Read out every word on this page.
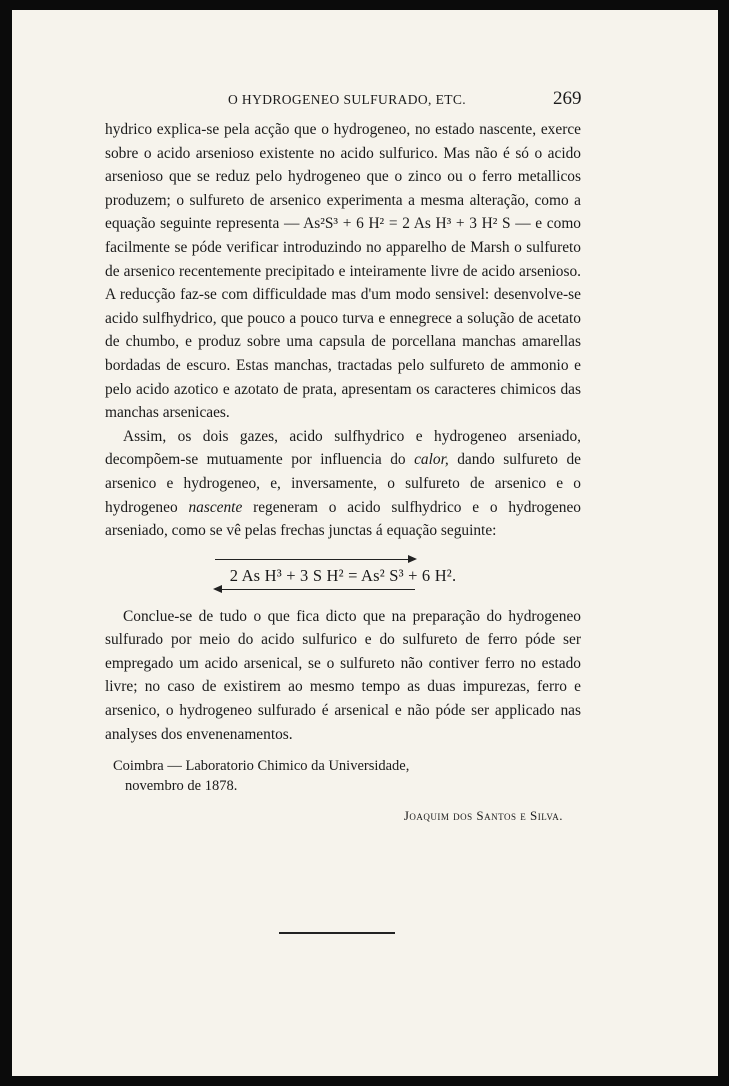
O HYDROGENEO SULFURADO, ETC.	269

hydrico explica-se pela acção que o hydrogeneo, no estado nascente, exerce sobre o acido arsenioso existente no acido sulfurico. Mas não é só o acido arsenioso que se reduz pelo hydrogeneo que o zinco ou o ferro metallicos produzem; o sulfureto de arsenico experimenta a mesma alteração, como a equação seguinte representa — As²S³ + 6 H² = 2 As H³ + 3 H² S — e como facilmente se póde verificar introduzindo no apparelho de Marsh o sulfureto de arsenico recentemente precipitado e inteiramente livre de acido arsenioso. A reducção faz-se com difficuldade mas d'um modo sensivel: desenvolve-se acido sulfhydrico, que pouco a pouco turva e ennegrece a solução de acetato de chumbo, e produz sobre uma capsula de porcellana manchas amarellas bordadas de escuro. Estas manchas, tractadas pelo sulfureto de ammonio e pelo acido azotico e azotato de prata, apresentam os caracteres chimicos das manchas arsenicaes.

Assim, os dois gazes, acido sulfhydrico e hydrogeneo arseniado, decompõem-se mutuamente por influencia do calor, dando sulfureto de arsenico e hydrogeneo, e, inversamente, o sulfureto de arsenico e o hydrogeneo nascente regeneram o acido sulfhydrico e o hydrogeneo arseniado, como se vê pelas frechas junctas á equação seguinte:

2 As H³ + 3 S H² = As² S³ + 6 H².

Conclue-se de tudo o que fica dicto que na preparação do hydrogeneo sulfurado por meio do acido sulfurico e do sulfureto de ferro póde ser empregado um acido arsenical, se o sulfureto não contiver ferro no estado livre; no caso de existirem ao mesmo tempo as duas impurezas, ferro e arsenico, o hydrogeneo sulfurado é arsenical e não póde ser applicado nas analyses dos envenenamentos.

Coimbra — Laboratorio Chimico da Universidade,
novembro de 1878.
Joaquim dos Santos e Silva.
